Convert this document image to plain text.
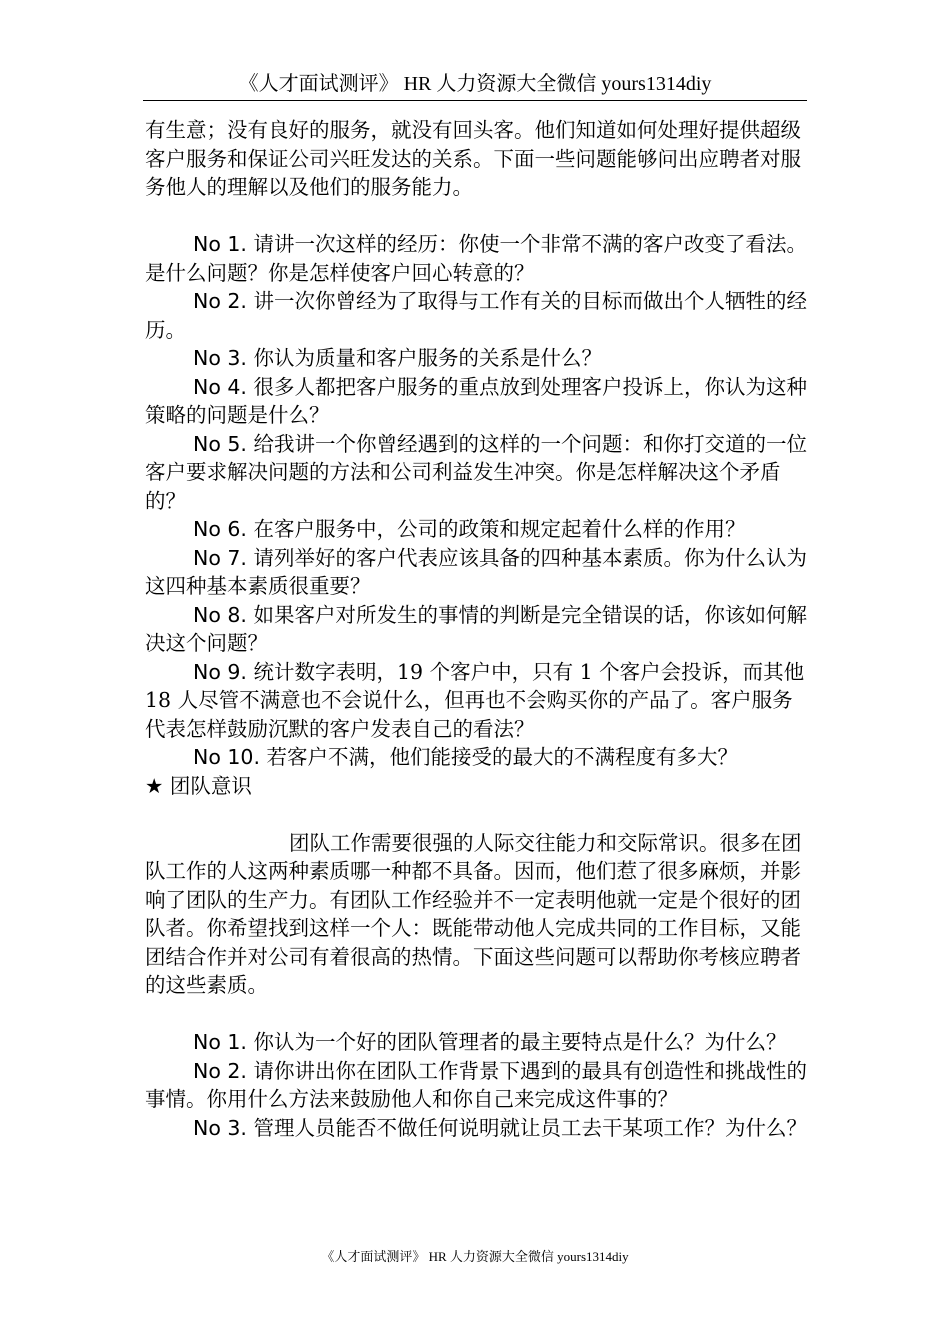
《人才面试测评》 HR 人力资源大全微信 yours1314diy

有生意；没有良好的服务，就没有回头客。他们知道如何处理好提供超级客户服务和保证公司兴旺发达的关系。下面一些问题能够问出应聘者对服务他人的理解以及他们的服务能力。

No 1. 请讲一次这样的经历：你使一个非常不满的客户改变了看法。是什么问题？你是怎样使客户回心转意的？

No 2. 讲一次你曾经为了取得与工作有关的目标而做出个人牺牲的经历。

No 3. 你认为质量和客户服务的关系是什么？

No 4. 很多人都把客户服务的重点放到处理客户投诉上，你认为这种策略的问题是什么？

No 5. 给我讲一个你曾经遇到的这样的一个问题：和你打交道的一位客户要求解决问题的方法和公司利益发生冲突。你是怎样解决这个矛盾的？

No 6. 在客户服务中，公司的政策和规定起着什么样的作用？

No 7. 请列举好的客户代表应该具备的四种基本素质。你为什么认为这四种基本素质很重要？

No 8. 如果客户对所发生的事情的判断是完全错误的话，你该如何解决这个问题？

No 9. 统计数字表明，19 个客户中，只有 1 个客户会投诉，而其他 18 人尽管不满意也不会说什么，但再也不会购买你的产品了。客户服务代表怎样鼓励沉默的客户发表自己的看法？

No 10. 若客户不满，他们能接受的最大的不满程度有多大？

★ 团队意识

团队工作需要很强的人际交往能力和交际常识。很多在团队工作的人这两种素质哪一种都不具备。因而，他们惹了很多麻烦，并影响了团队的生产力。有团队工作经验并不一定表明他就一定是个很好的团队者。你希望找到这样一个人：既能带动他人完成共同的工作目标，又能团结合作并对公司有着很高的热情。下面这些问题可以帮助你考核应聘者的这些素质。

No 1. 你认为一个好的团队管理者的最主要特点是什么？为什么？

No 2. 请你讲出你在团队工作背景下遇到的最具有创造性和挑战性的事情。你用什么方法来鼓励他人和你自己来完成这件事的？

No 3. 管理人员能否不做任何说明就让员工去干某项工作？为什么？

《人才面试测评》 HR 人力资源大全微信 yours1314diy
